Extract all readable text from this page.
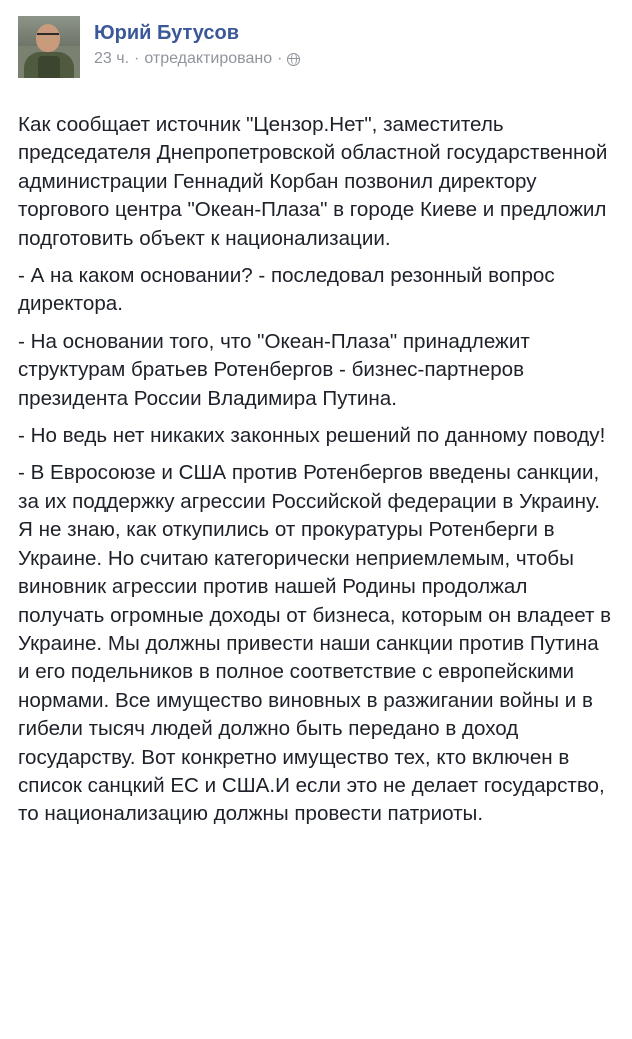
Юрий Бутусов
23 ч. · отредактировано ·

Как сообщает источник "Цензор.Нет", заместитель председателя Днепропетровской областной государственной администрации Геннадий Корбан позвонил директору торгового центра "Океан-Плаза" в городе Киеве и предложил подготовить объект к национализации.

- А на каком основании? - последовал резонный вопрос директора.

- На основании того, что "Океан-Плаза" принадлежит структурам братьев Ротенбергов - бизнес-партнеров президента России Владимира Путина.

- Но ведь нет никаких законных решений по данному поводу!

- В Евросоюзе и США против Ротенбергов введены санкции, за их поддержку агрессии Российской федерации в Украину. Я не знаю, как откупились от прокуратуры Ротенберги в Украине. Но считаю категорически неприемлемым, чтобы виновник агрессии против нашей Родины продолжал получать огромные доходы от бизнеса, которым он владеет в Украине. Мы должны привести наши санкции против Путина и его подельников в полное соответствие с европейскими нормами. Все имущество виновных в разжигании войны и в гибели тысяч людей должно быть передано в доход государству. Вот конкретно имущество тех, кто включен в список санцкий ЕС и США.И если это не делает государство, то национализацию должны провести патриоты.
